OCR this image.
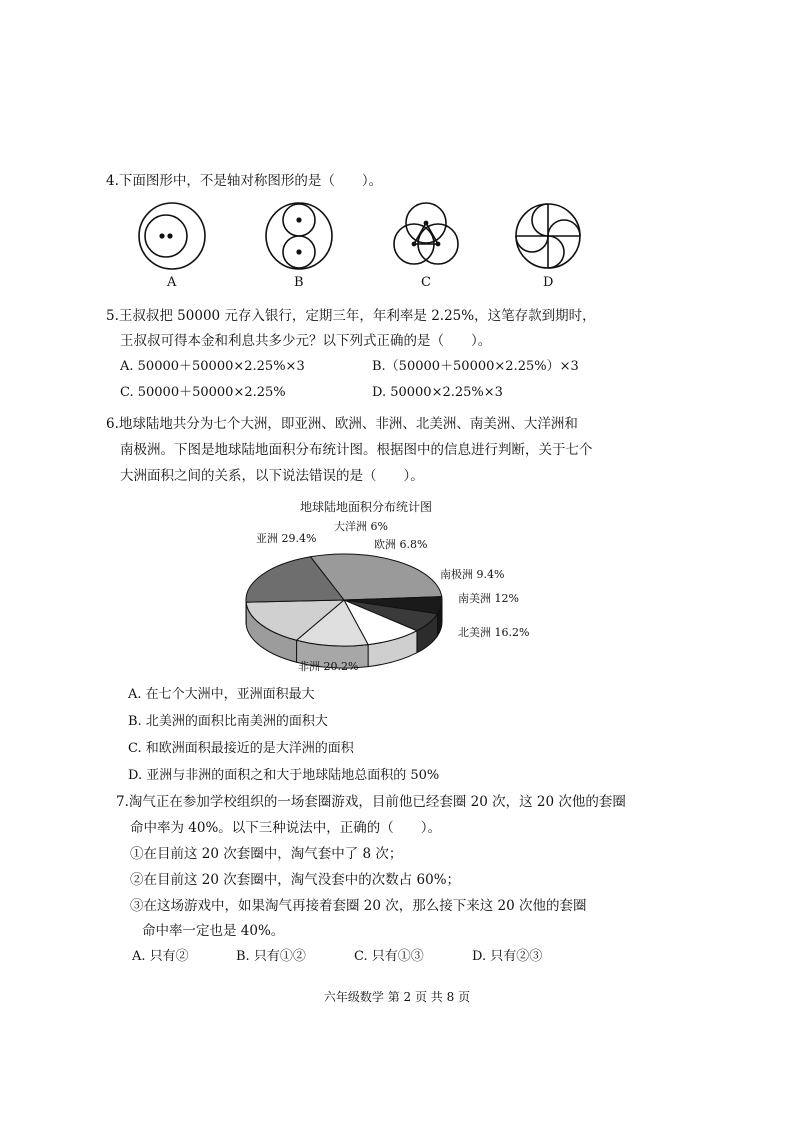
4.下面图形中，不是轴对称图形的是（　　）。
A	B	C	D
5.王叔叔把 50000 元存入银行，定期三年，年利率是 2.25%，这笔存款到期时，
王叔叔可得本金和利息共多少元？以下列式正确的是（　　）。
A. 50000＋50000×2.25%×3	B.（50000＋50000×2.25%）×3
C. 50000＋50000×2.25%	D. 50000×2.25%×3
6.地球陆地共分为七个大洲，即亚洲、欧洲、非洲、北美洲、南美洲、大洋洲和
南极洲。下图是地球陆地面积分布统计图。根据图中的信息进行判断，关于七个
大洲面积之间的关系，以下说法错误的是（　　）。
地球陆地面积分布统计图
亚洲 29.4%
大洋洲 6%
欧洲 6.8%
南极洲 9.4%
南美洲 12%
北美洲 16.2%
非洲 20.2%
A. 在七个大洲中，亚洲面积最大
B. 北美洲的面积比南美洲的面积大
C. 和欧洲面积最接近的是大洋洲的面积
D. 亚洲与非洲的面积之和大于地球陆地总面积的 50%
7.淘气正在参加学校组织的一场套圈游戏，目前他已经套圈 20 次，这 20 次他的套圈
命中率为 40%。以下三种说法中，正确的（　　）。
①在目前这 20 次套圈中，淘气套中了 8 次；
②在目前这 20 次套圈中，淘气没套中的次数占 60%；
③在这场游戏中，如果淘气再接着套圈 20 次，那么接下来这 20 次他的套圈
命中率一定也是 40%。
A. 只有②	B. 只有①②	C. 只有①③	D. 只有②③
六年级数学 第 2 页 共 8 页
